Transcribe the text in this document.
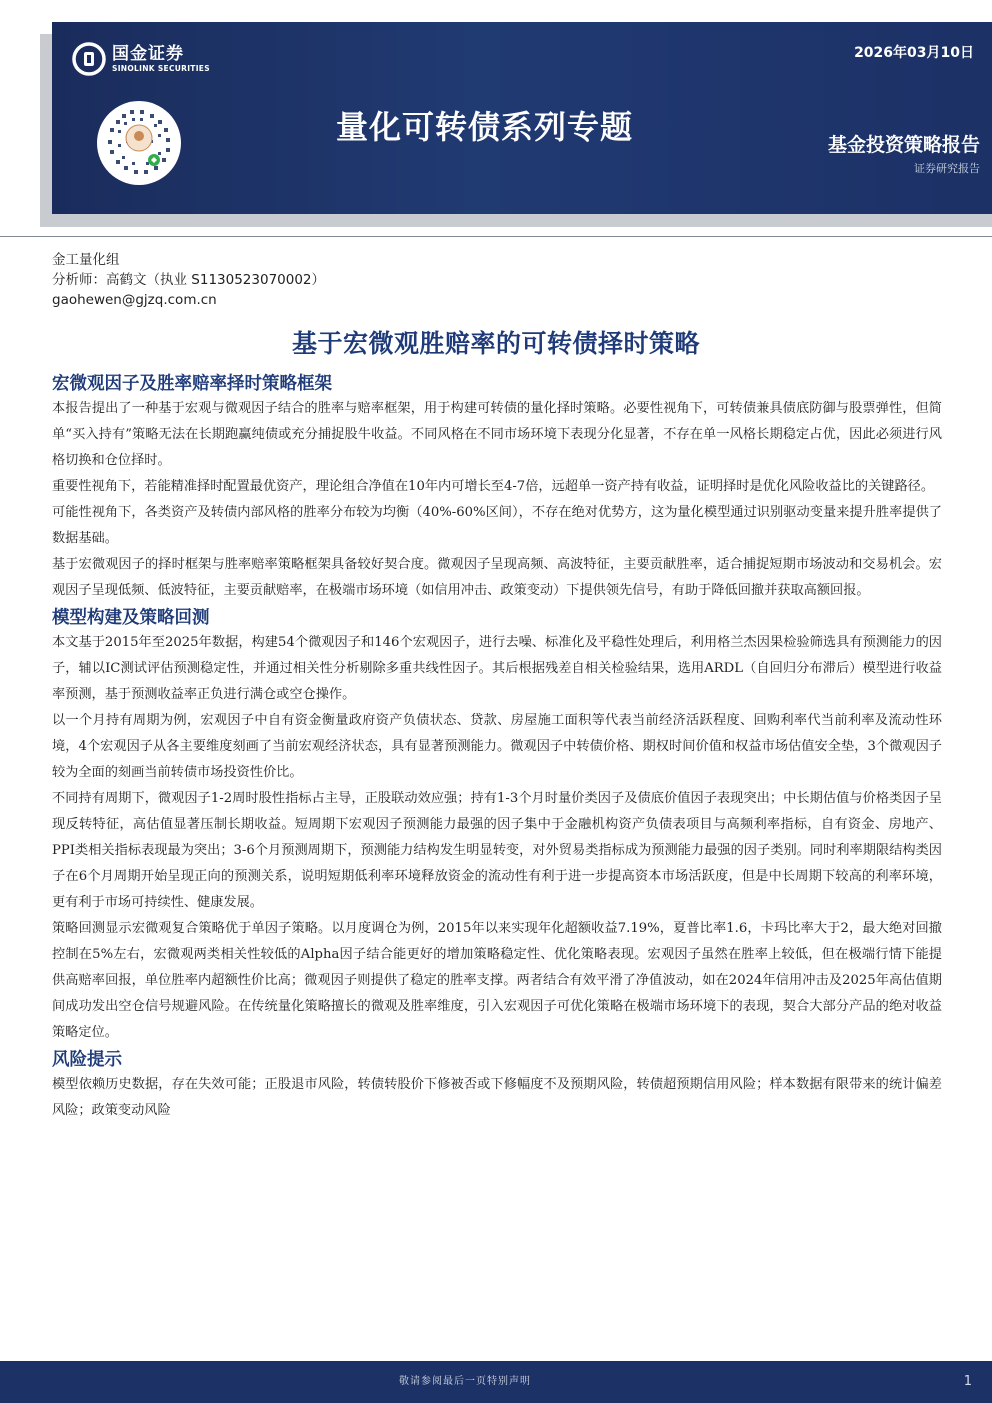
国金证券
SINOLINK SECURITIES
2026年03月10日
量化可转债系列专题	基金投资策略报告
证券研究报告
金工量化组
分析师：高鹤文（执业 S1130523070002）
gaohewen@gjzq.com.cn
基于宏微观胜赔率的可转债择时策略
宏微观因子及胜率赔率择时策略框架

本报告提出了一种基于宏观与微观因子结合的胜率与赔率框架，用于构建可转债的量化择时策略。必要性视角下，可转债兼具债底防御与股票弹性，但简单“买入持有”策略无法在长期跑赢纯债或充分捕捉股牛收益。不同风格在不同市场环境下表现分化显著，不存在单一风格长期稳定占优，因此必须进行风格切换和仓位择时。

重要性视角下，若能精准择时配置最优资产，理论组合净值在10年内可增长至4-7倍，远超单一资产持有收益，证明择时是优化风险收益比的关键路径。

可能性视角下，各类资产及转债内部风格的胜率分布较为均衡（40%-60%区间），不存在绝对优势方，这为量化模型通过识别驱动变量来提升胜率提供了数据基础。

基于宏微观因子的择时框架与胜率赔率策略框架具备较好契合度。微观因子呈现高频、高波特征，主要贡献胜率，适合捕捉短期市场波动和交易机会。宏观因子呈现低频、低波特征，主要贡献赔率，在极端市场环境（如信用冲击、政策变动）下提供领先信号，有助于降低回撤并获取高额回报。

模型构建及策略回测

本文基于2015年至2025年数据，构建54个微观因子和146个宏观因子，进行去噪、标准化及平稳性处理后，利用格兰杰因果检验筛选具有预测能力的因子，辅以IC测试评估预测稳定性，并通过相关性分析剔除多重共线性因子。其后根据残差自相关检验结果，选用ARDL（自回归分布滞后）模型进行收益率预测，基于预测收益率正负进行满仓或空仓操作。

以一个月持有周期为例，宏观因子中自有资金衡量政府资产负债状态、贷款、房屋施工面积等代表当前经济活跃程度、回购利率代当前利率及流动性环境，4个宏观因子从各主要维度刻画了当前宏观经济状态，具有显著预测能力。微观因子中转债价格、期权时间价值和权益市场估值安全垫，3个微观因子较为全面的刻画当前转债市场投资性价比。

不同持有周期下，微观因子1-2周时股性指标占主导，正股联动效应强；持有1-3个月时量价类因子及债底价值因子表现突出；中长期估值与价格类因子呈现反转特征，高估值显著压制长期收益。短周期下宏观因子预测能力最强的因子集中于金融机构资产负债表项目与高频利率指标，自有资金、房地产、PPI类相关指标表现最为突出；3-6个月预测周期下，预测能力结构发生明显转变，对外贸易类指标成为预测能力最强的因子类别。同时利率期限结构类因子在6个月周期开始呈现正向的预测关系，说明短期低利率环境释放资金的流动性有利于进一步提高资本市场活跃度，但是中长周期下较高的利率环境，更有利于市场可持续性、健康发展。

策略回测显示宏微观复合策略优于单因子策略。以月度调仓为例，2015年以来实现年化超额收益7.19%，夏普比率1.6，卡玛比率大于2，最大绝对回撤控制在5%左右，宏微观两类相关性较低的Alpha因子结合能更好的增加策略稳定性、优化策略表现。宏观因子虽然在胜率上较低，但在极端行情下能提供高赔率回报，单位胜率内超额性价比高；微观因子则提供了稳定的胜率支撑。两者结合有效平滑了净值波动，如在2024年信用冲击及2025年高估值期间成功发出空仓信号规避风险。在传统量化策略擅长的微观及胜率维度，引入宏观因子可优化策略在极端市场环境下的表现，契合大部分产品的绝对收益策略定位。

风险提示

模型依赖历史数据，存在失效可能；正股退市风险，转债转股价下修被否或下修幅度不及预期风险，转债超预期信用风险；样本数据有限带来的统计偏差风险；政策变动风险

敬请参阅最后一页特别声明	1
